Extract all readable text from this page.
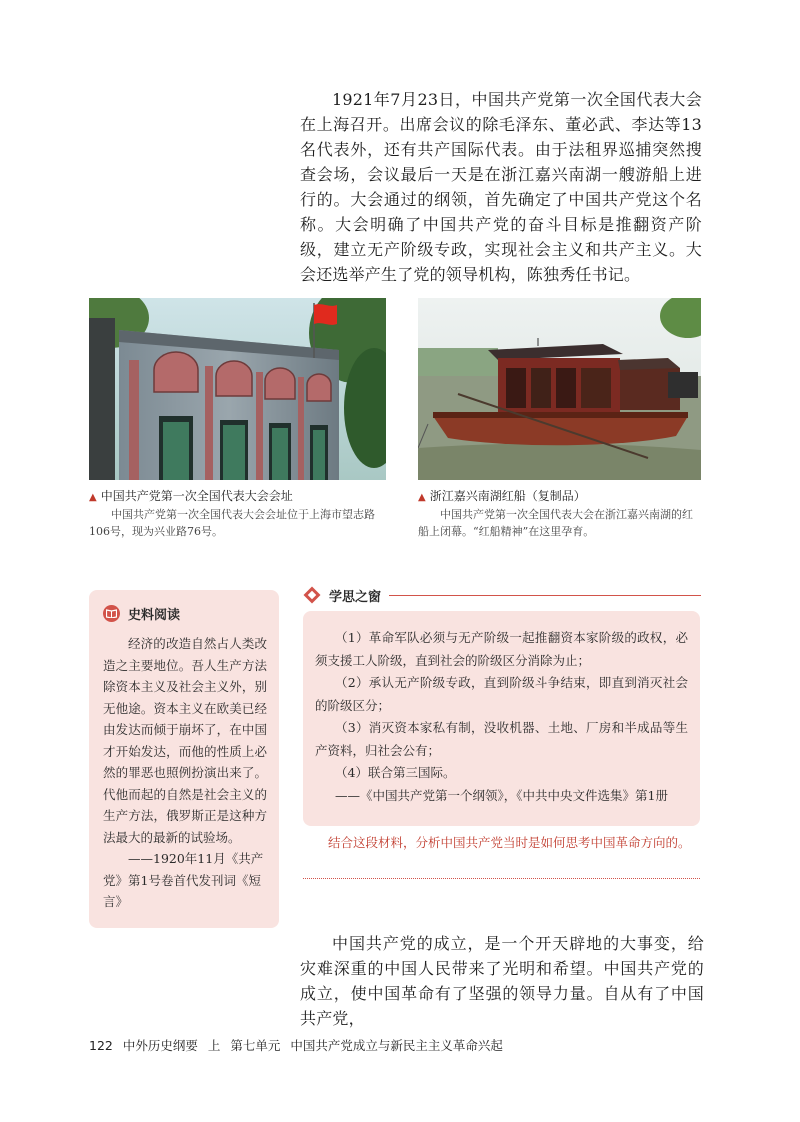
1921年7月23日，中国共产党第一次全国代表大会在上海召开。出席会议的除毛泽东、董必武、李达等13名代表外，还有共产国际代表。由于法租界巡捕突然搜查会场，会议最后一天是在浙江嘉兴南湖一艘游船上进行的。大会通过的纲领，首先确定了中国共产党这个名称。大会明确了中国共产党的奋斗目标是推翻资产阶级，建立无产阶级专政，实现社会主义和共产主义。大会还选举产生了党的领导机构，陈独秀任书记。

▲ 中国共产党第一次全国代表大会会址
中国共产党第一次全国代表大会会址位于上海市望志路106号，现为兴业路76号。
▲ 浙江嘉兴南湖红船（复制品）
中国共产党第一次全国代表大会在浙江嘉兴南湖的红船上闭幕。“红船精神”在这里孕育。
史料阅读

经济的改造自然占人类改造之主要地位。吾人生产方法除资本主义及社会主义外，别无他途。资本主义在欧美已经由发达而倾于崩坏了，在中国才开始发达，而他的性质上必然的罪恶也照例扮演出来了。代他而起的自然是社会主义的生产方法，俄罗斯正是这种方法最大的最新的试验场。

——1920年11月《共产党》第1号卷首代发刊词《短言》

学思之窗

（1）革命军队必须与无产阶级一起推翻资本家阶级的政权，必须支援工人阶级，直到社会的阶级区分消除为止；

（2）承认无产阶级专政，直到阶级斗争结束，即直到消灭社会的阶级区分；

（3）消灭资本家私有制，没收机器、土地、厂房和半成品等生产资料，归社会公有；

（4）联合第三国际。

——《中国共产党第一个纲领》，《中共中央文件选集》第1册

结合这段材料，分析中国共产党当时是如何思考中国革命方向的。

中国共产党的成立，是一个开天辟地的大事变，给灾难深重的中国人民带来了光明和希望。中国共产党的成立，使中国革命有了坚强的领导力量。自从有了中国共产党，

122 中外历史纲要 上 第七单元 中国共产党成立与新民主主义革命兴起
